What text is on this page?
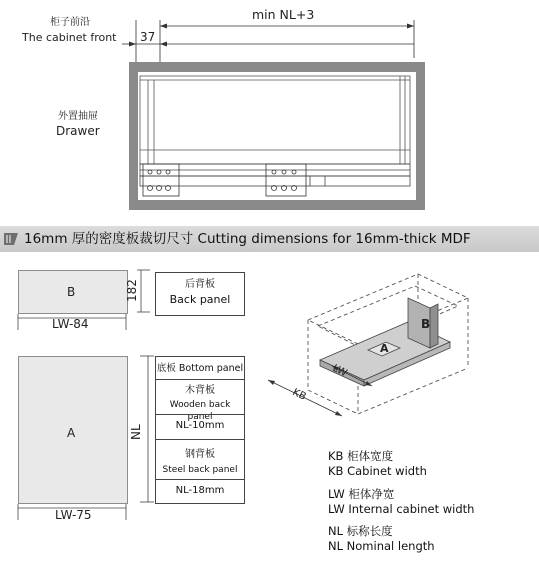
柜子前沿
The cabinet front 37
min NL+3
外置抽屉
Drawer
16mm 厚的密度板裁切尺寸 Cutting dimensions for 16mm-thick MDF
B	182
LW-84
A	NL
LW-75
后背板
Back panel
底板 Bottom panel
木背板
Wooden back panel
NL-10mm
钢背板
Steel back panel
NL-18mm
LW
KB
B
A
KB 柜体宽度
KB Cabinet width
LW 柜体净宽
LW Internal cabinet width
NL 标称长度
NL Nominal length
